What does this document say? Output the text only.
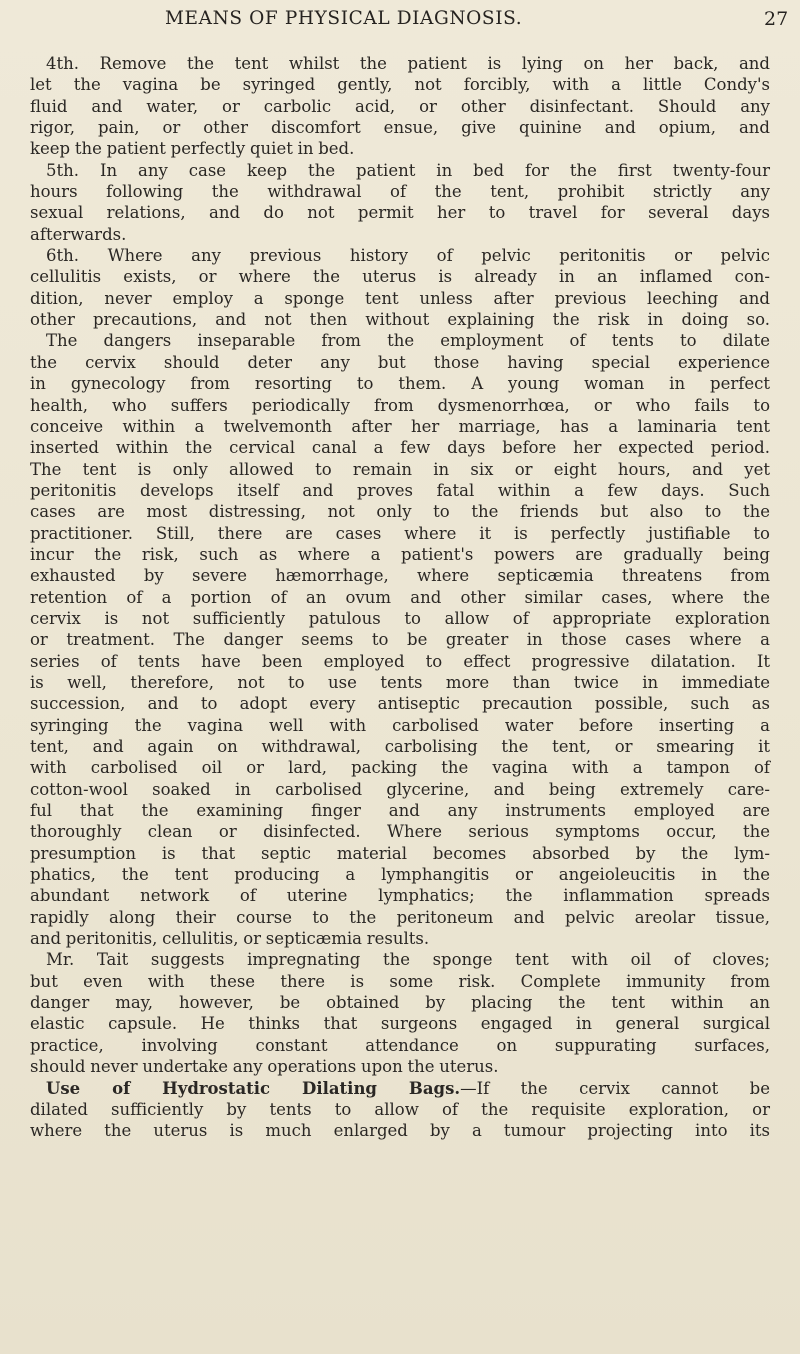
MEANS OF PHYSICAL DIAGNOSIS.	27
4th. Remove the tent whilst the patient is lying on her back, and
let the vagina be syringed gently, not forcibly, with a little Condy's
fluid and water, or carbolic acid, or other disinfectant. Should any
rigor, pain, or other discomfort ensue, give quinine and opium, and
keep the patient perfectly quiet in bed.
5th. In any case keep the patient in bed for the first twenty-four
hours following the withdrawal of the tent, prohibit strictly any
sexual relations, and do not permit her to travel for several days
afterwards.
6th. Where any previous history of pelvic peritonitis or pelvic
cellulitis exists, or where the uterus is already in an inflamed con-
dition, never employ a sponge tent unless after previous leeching and
other precautions, and not then without explaining the risk in doing so.
The dangers inseparable from the employment of tents to dilate
the cervix should deter any but those having special experience
in gynecology from resorting to them. A young woman in perfect
health, who suffers periodically from dysmenorrhœa, or who fails to
conceive within a twelvemonth after her marriage, has a laminaria tent
inserted within the cervical canal a few days before her expected period.
The tent is only allowed to remain in six or eight hours, and yet
peritonitis develops itself and proves fatal within a few days. Such
cases are most distressing, not only to the friends but also to the
practitioner. Still, there are cases where it is perfectly justifiable to
incur the risk, such as where a patient's powers are gradually being
exhausted by severe hæmorrhage, where septicæmia threatens from
retention of a portion of an ovum and other similar cases, where the
cervix is not sufficiently patulous to allow of appropriate exploration
or treatment. The danger seems to be greater in those cases where a
series of tents have been employed to effect progressive dilatation. It
is well, therefore, not to use tents more than twice in immediate
succession, and to adopt every antiseptic precaution possible, such as
syringing the vagina well with carbolised water before inserting a
tent, and again on withdrawal, carbolising the tent, or smearing it
with carbolised oil or lard, packing the vagina with a tampon of
cotton-wool soaked in carbolised glycerine, and being extremely care-
ful that the examining finger and any instruments employed are
thoroughly clean or disinfected. Where serious symptoms occur, the
presumption is that septic material becomes absorbed by the lym-
phatics, the tent producing a lymphangitis or angeioleucitis in the
abundant network of uterine lymphatics; the inflammation spreads
rapidly along their course to the peritoneum and pelvic areolar tissue,
and peritonitis, cellulitis, or septicæmia results.
Mr. Tait suggests impregnating the sponge tent with oil of cloves;
but even with these there is some risk. Complete immunity from
danger may, however, be obtained by placing the tent within an
elastic capsule. He thinks that surgeons engaged in general surgical
practice, involving constant attendance on suppurating surfaces,
should never undertake any operations upon the uterus.
Use of Hydrostatic Dilating Bags.—If the cervix cannot be
dilated sufficiently by tents to allow of the requisite exploration, or
where the uterus is much enlarged by a tumour projecting into its
